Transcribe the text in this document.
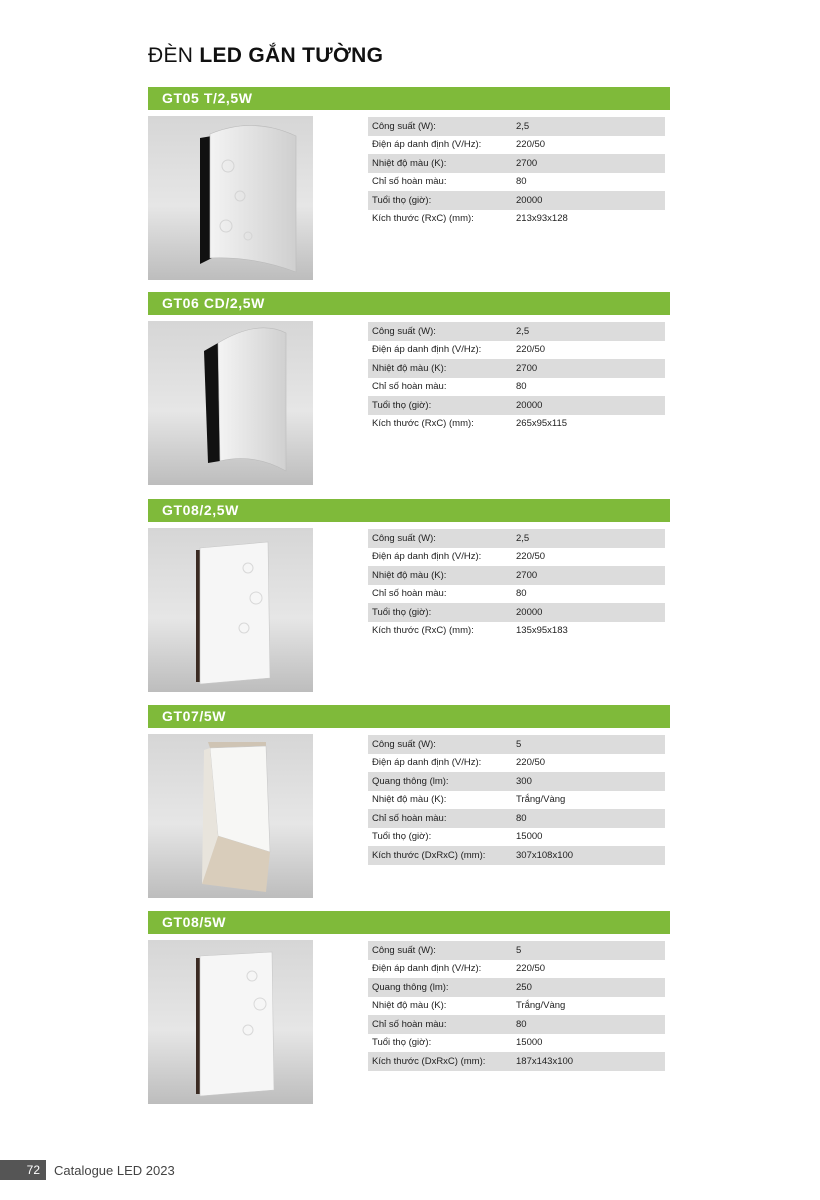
ĐÈN LED GẮN TƯỜNG
GT05 T/2,5W
Công suất (W):	2,5
Điện áp danh định (V/Hz):	220/50
Nhiệt độ màu (K):	2700
Chỉ số hoàn màu:	80
Tuổi thọ (giờ):	20000
Kích thước (RxC) (mm):	213x93x128
GT06 CD/2,5W
Công suất (W):	2,5
Điện áp danh định (V/Hz):	220/50
Nhiệt độ màu (K):	2700
Chỉ số hoàn màu:	80
Tuổi thọ (giờ):	20000
Kích thước (RxC) (mm):	265x95x115
GT08/2,5W
Công suất (W):	2,5
Điện áp danh định (V/Hz):	220/50
Nhiệt độ màu (K):	2700
Chỉ số hoàn màu:	80
Tuổi thọ (giờ):	20000
Kích thước (RxC) (mm):	135x95x183
GT07/5W
Công suất (W):	5
Điện áp danh định (V/Hz):	220/50
Quang thông (lm):	300
Nhiệt độ màu (K):	Trắng/Vàng
Chỉ số hoàn màu:	80
Tuổi thọ (giờ):	15000
Kích thước (DxRxC) (mm):	307x108x100
GT08/5W
Công suất (W):	5
Điện áp danh định (V/Hz):	220/50
Quang thông (lm):	250
Nhiệt độ màu (K):	Trắng/Vàng
Chỉ số hoàn màu:	80
Tuổi thọ (giờ):	15000
Kích thước (DxRxC) (mm):	187x143x100
72	Catalogue LED 2023
